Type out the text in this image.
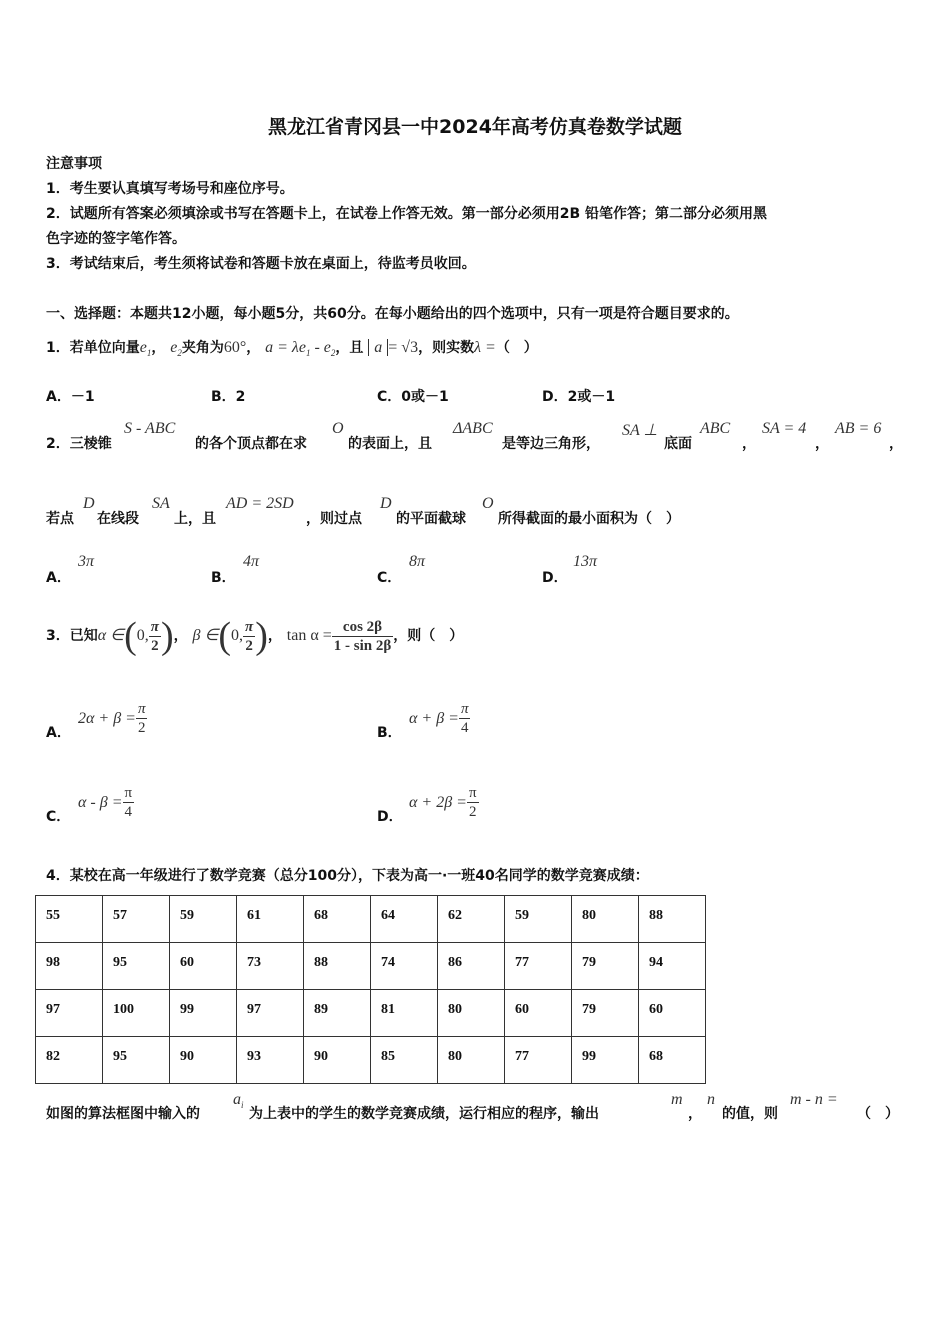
黑龙江省青冈县一中2024年高考仿真卷数学试题
注意事项
1．考生要认真填写考场号和座位序号。
2．试题所有答案必须填涂或书写在答题卡上，在试卷上作答无效。第一部分必须用2B 铅笔作答；第二部分必须用黑
色字迹的签字笔作答。
3．考试结束后，考生须将试卷和答题卡放在桌面上，待监考员收回。
一、选择题：本题共12小题，每小题5分，共60分。在每小题给出的四个选项中，只有一项是符合题目要求的。
1．若单位向量$e_1$， $e_2$夹角为60°， $a = \lambda e_1 - e_2$，且 a = √3，则实数λ =（　）
A．－1	B．2	C．0或－1	D．2或－1
2．三棱锥
S - ABC
的各个顶点都在求
O
的表面上，且
ΔABC
是等边三角形，
SA ⊥
底面
ABC
，
SA = 4
，
AB = 6
，
若点
D
在线段
SA
上，且
AD = 2SD
，则过点
D
的平面截球
O
所得截面的最小面积为（　）
A．
3π
B．
4π
C．
8π
D．
13π
3．已知α ∈(0, $\frac{\pi}{2}$ )， β ∈(0, $\frac{\pi}{2}$ )， $\tan \alpha = \frac{\cos 2\beta}{1 - \sin 2\beta}$ ，则（　）
A．
$2\alpha + \beta = \frac{\pi}{2}$	B．
$\alpha + \beta = \frac{\pi}{4}$
C．
$\alpha - \beta = \frac{\pi}{4}$	D．
$\alpha + 2\beta = \frac{\pi}{2}$
4．某校在高一年级进行了数学竞赛（总分100分），下表为高一·一班40名同学的数学竞赛成绩：
55	57	59	61	68	64	62	59	80	88
98	95	60	73	88	74	86	77	79	94
97	100	99	97	89	81	80	60	79	60
82	95	90	93	90	85	80	77	99	68
如图的算法框图中输入的
$a_i$
为上表中的学生的数学竞赛成绩，运行相应的程序，输出
m
，
n
的值，则
m - n =
（　）
